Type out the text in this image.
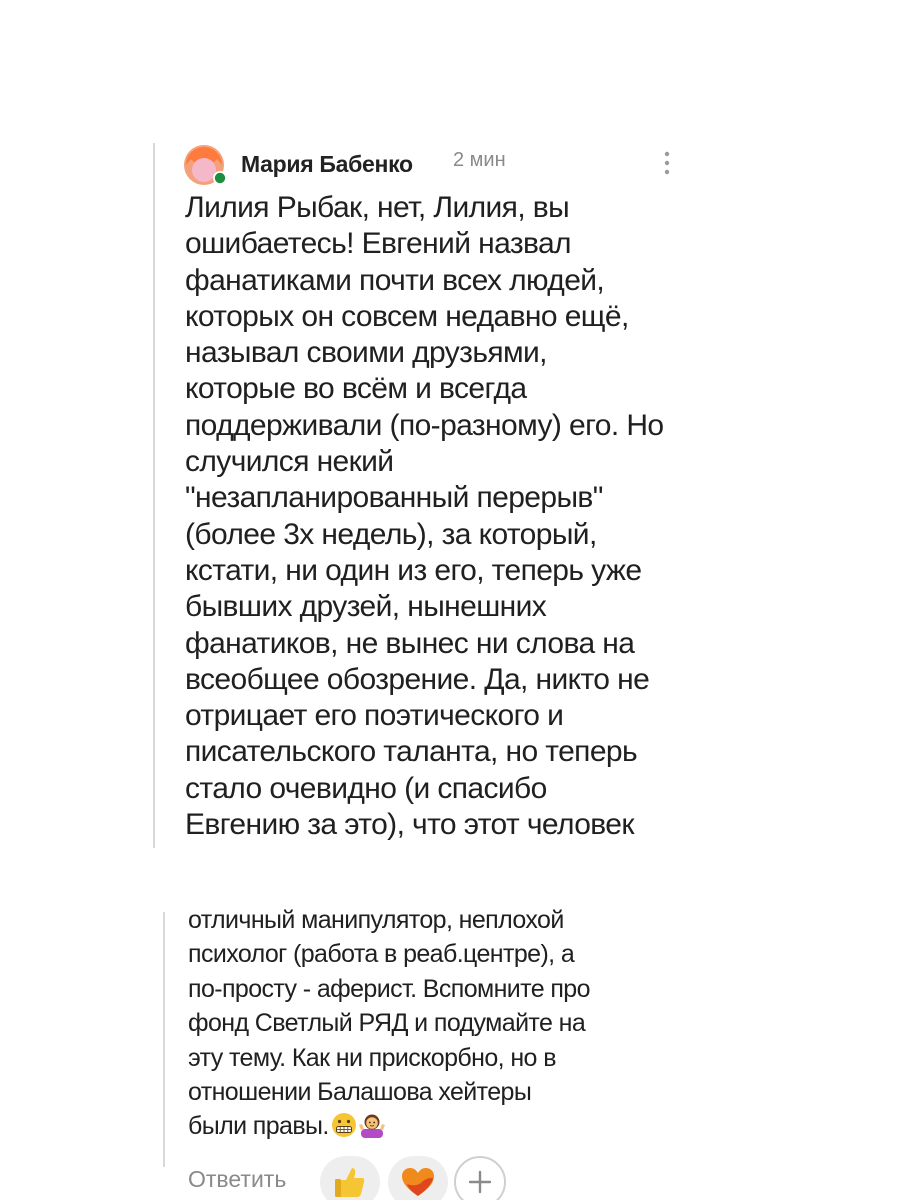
Мария Бабенко 2 мин
Лилия Рыбак, нет, Лилия, вы
ошибаетесь! Евгений назвал
фанатиками почти всех людей,
которых он совсем недавно ещё,
называл своими друзьями,
которые во всём и всегда
поддерживали (по-разному) его. Но
случился некий
"незапланированный перерыв"
(более 3х недель), за который,
кстати, ни один из его, теперь уже
бывших друзей, нынешних
фанатиков, не вынес ни слова на
всеобщее обозрение. Да, никто не
отрицает его поэтического и
писательского таланта, но теперь
стало очевидно (и спасибо
Евгению за это), что этот человек
отличный манипулятор, неплохой
психолог (работа в реаб.центре), а
по-просту - аферист. Вспомните про
фонд Светлый РЯД и подумайте на
эту тему. Как ни прискорбно, но в
отношении Балашова хейтеры
были правы.
Ответить
